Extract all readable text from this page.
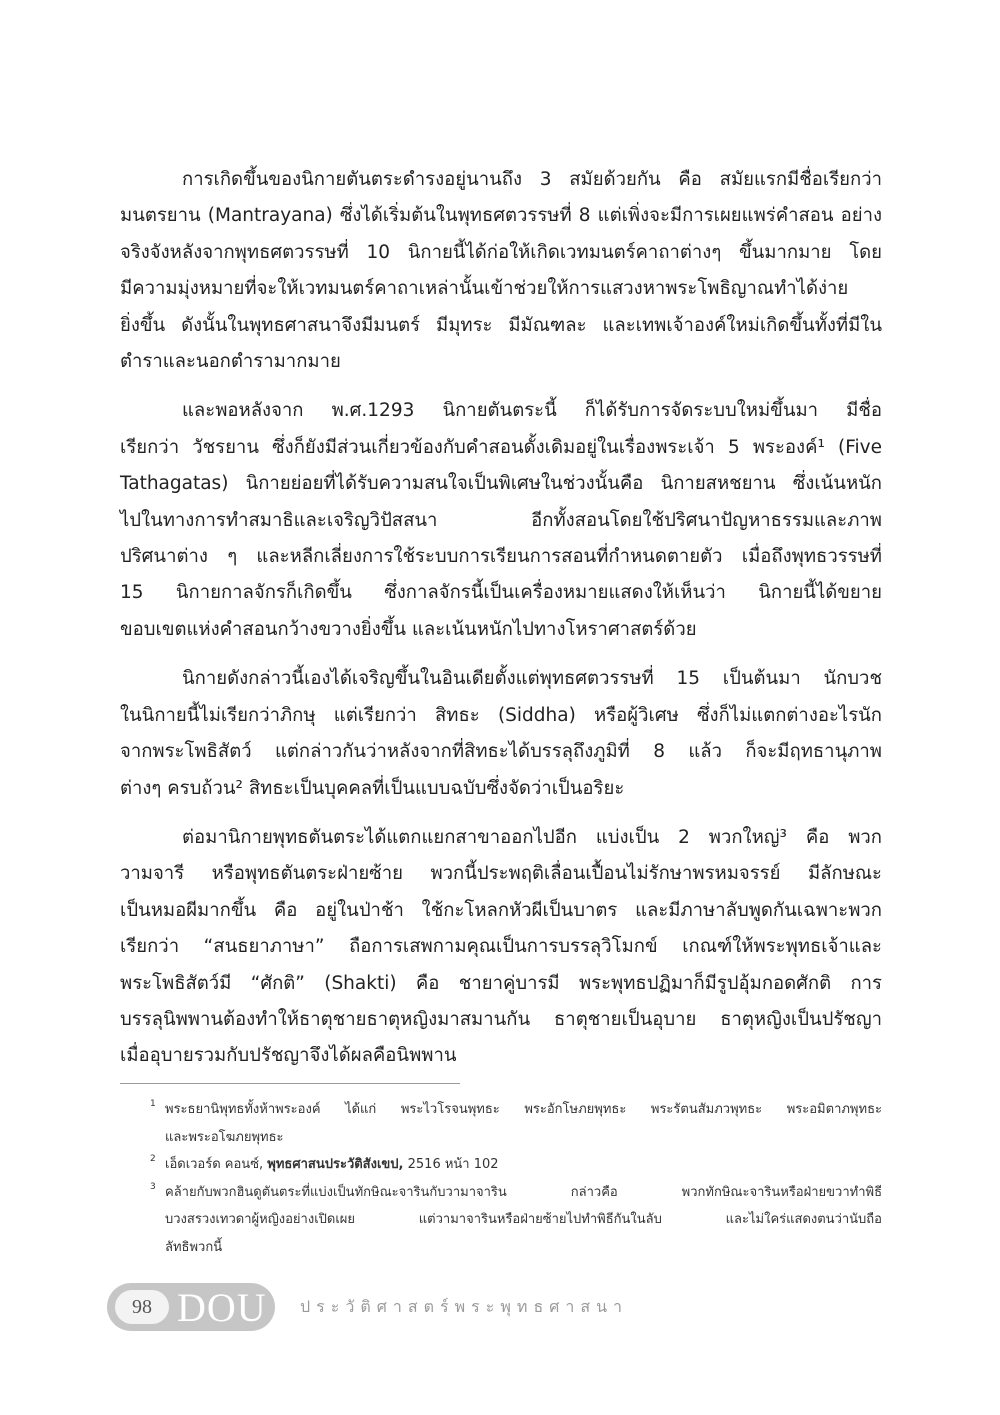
การเกิดขึ้นของนิกายตันตระดำรงอยู่นานถึง 3 สมัยด้วยกัน คือ สมัยแรกมีชื่อเรียกว่า
มนตรยาน (Mantrayana) ซึ่งได้เริ่มต้นในพุทธศตวรรษที่ 8 แต่เพิ่งจะมีการเผยแพร่คำสอน อย่าง
จริงจังหลังจากพุทธศตวรรษที่ 10 นิกายนี้ได้ก่อให้เกิดเวทมนตร์คาถาต่างๆ ขึ้นมากมาย โดย
มีความมุ่งหมายที่จะให้เวทมนตร์คาถาเหล่านั้นเข้าช่วยให้การแสวงหาพระโพธิญาณทำได้ง่าย
ยิ่งขึ้น ดังนั้นในพุทธศาสนาจึงมีมนตร์ มีมุทระ มีมัณฑละ และเทพเจ้าองค์ใหม่เกิดขึ้นทั้งที่มีใน
ตำราและนอกตำรามากมาย
และพอหลังจาก พ.ศ.1293 นิกายตันตระนี้ ก็ได้รับการจัดระบบใหม่ขึ้นมา มีชื่อ
เรียกว่า วัชรยาน ซึ่งก็ยังมีส่วนเกี่ยวข้องกับคำสอนดั้งเดิมอยู่ในเรื่องพระเจ้า 5 พระองค์¹ (Five
Tathagatas) นิกายย่อยที่ได้รับความสนใจเป็นพิเศษในช่วงนั้นคือ นิกายสหชยาน ซึ่งเน้นหนัก
ไปในทางการทำสมาธิและเจริญวิปัสสนา อีกทั้งสอนโดยใช้ปริศนาปัญหาธรรมและภาพ
ปริศนาต่าง ๆ และหลีกเลี่ยงการใช้ระบบการเรียนการสอนที่กำหนดตายตัว เมื่อถึงพุทธวรรษที่
15 นิกายกาลจักรก็เกิดขึ้น ซึ่งกาลจักรนี้เป็นเครื่องหมายแสดงให้เห็นว่า นิกายนี้ได้ขยาย
ขอบเขตแห่งคำสอนกว้างขวางยิ่งขึ้น และเน้นหนักไปทางโหราศาสตร์ด้วย
นิกายดังกล่าวนี้เองได้เจริญขึ้นในอินเดียตั้งแต่พุทธศตวรรษที่ 15 เป็นต้นมา นักบวช
ในนิกายนี้ไม่เรียกว่าภิกษุ แต่เรียกว่า สิทธะ (Siddha) หรือผู้วิเศษ ซึ่งก็ไม่แตกต่างอะไรนัก
จากพระโพธิสัตว์ แต่กล่าวกันว่าหลังจากที่สิทธะได้บรรลุถึงภูมิที่ 8 แล้ว ก็จะมีฤทธานุภาพ
ต่างๆ ครบถ้วน² สิทธะเป็นบุคคลที่เป็นแบบฉบับซึ่งจัดว่าเป็นอริยะ
ต่อมานิกายพุทธตันตระได้แตกแยกสาขาออกไปอีก แบ่งเป็น 2 พวกใหญ่³ คือ พวก
วามจารี หรือพุทธตันตระฝ่ายซ้าย พวกนี้ประพฤติเลื่อนเปื้อนไม่รักษาพรหมจรรย์ มีลักษณะ
เป็นหมอผีมากขึ้น คือ อยู่ในป่าช้า ใช้กะโหลกหัวผีเป็นบาตร และมีภาษาลับพูดกันเฉพาะพวก
เรียกว่า “สนธยาภาษา” ถือการเสพกามคุณเป็นการบรรลุวิโมกข์ เกณฑ์ให้พระพุทธเจ้าและ
พระโพธิสัตว์มี “ศักติ” (Shakti) คือ ชายาคู่บารมี พระพุทธปฏิมาก็มีรูปอุ้มกอดศักติ การ
บรรลุนิพพานต้องทำให้ธาตุชายธาตุหญิงมาสมานกัน ธาตุชายเป็นอุบาย ธาตุหญิงเป็นปรัชญา
เมื่ออุบายรวมกับปรัชญาจึงได้ผลคือนิพพาน
1 พระธยานิพุทธทั้งห้าพระองค์ ได้แก่ พระไวโรจนพุทธะ พระอักโษภยพุทธะ พระรัตนสัมภวพุทธะ พระอมิตาภพุทธะ
และพระอโฆภยพุทธะ
2 เอ็ดเวอร์ด คอนซ์, พุทธศาสนประวัติสังเขป, 2516 หน้า 102
3 คล้ายกับพวกฮินดูตันตระที่แบ่งเป็นทักษิณะจารินกับวามาจาริน กล่าวคือ พวกทักษิณะจารินหรือฝ่ายขวาทำพิธี
บวงสรวงเทวดาผู้หญิงอย่างเปิดเผย แต่วามาจารินหรือฝ่ายซ้ายไปทำพิธีกันในลับ และไม่ใคร่แสดงตนว่านับถือ
ลัทธิพวกนี้
98 DOU ประวัติศาสตร์พระพุทธศาสนา
